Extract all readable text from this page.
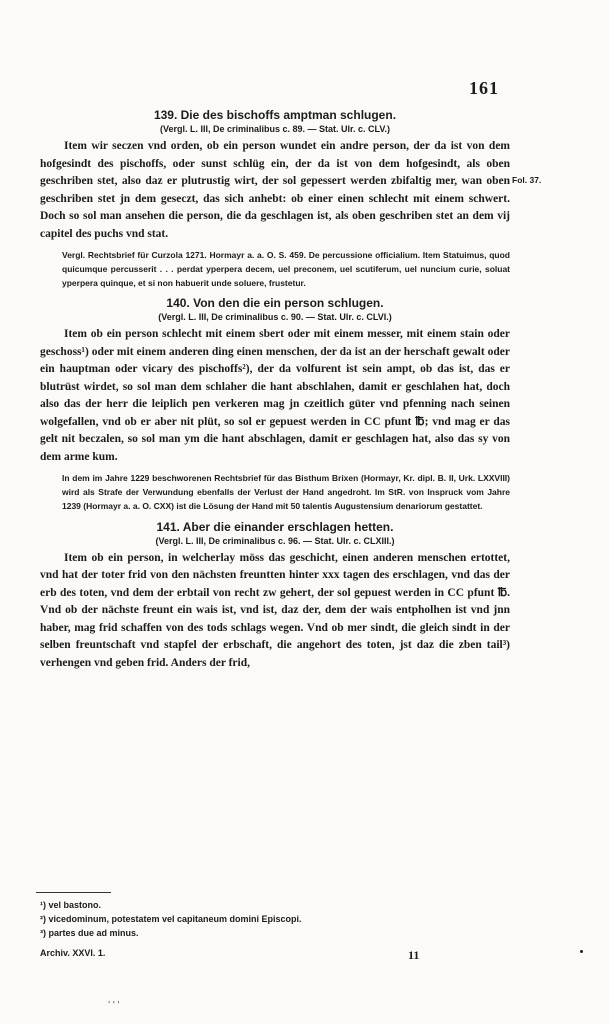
161
Fol. 37.
139. Die des bischoffs amptman schlugen.
(Vergl. L. III, De criminalibus c. 89. — Stat. Ulr. c. CLV.)

Item wir seczen vnd orden, ob ein person wundet ein andre person, der da ist von dem hofgesindt des pischoffs, oder sunst schlüg ein, der da ist von dem hofgesindt, als oben geschriben stet, also daz er plutrustig wirt, der sol gepessert werden zbifaltig mer, wan oben geschriben stet jn dem geseczt, das sich anhebt: ob einer einen schlecht mit einem schwert. Doch so sol man ansehen die person, die da geschlagen ist, als oben geschriben stet an dem vij capitel des puchs vnd stat.

Vergl. Rechtsbrief für Curzola 1271. Hormayr a. a. O. S. 459. De percussione officialium. Item Statuimus, quod quicumque percusserit . . . perdat yperpera decem, uel preconem, uel scutiferum, uel nuncium curie, soluat yperpera quinque, et si non habuerit unde soluere, frustetur.

140. Von den die ein person schlugen.
(Vergl. L. III, De criminalibus c. 90. — Stat. Ulr. c. CLVI.)

Item ob ein person schlecht mit einem sbert oder mit einem messer, mit einem stain oder geschoss¹) oder mit einem anderen ding einen menschen, der da ist an der herschaft gewalt oder ein hauptman oder vicary des pischoffs²), der da volfurent ist sein ampt, ob das ist, das er blutrüst wirdet, so sol man dem schlaher die hant abschlahen, damit er geschlahen hat, doch also das der herr die leiplich pen verkeren mag jn czeitlich güter vnd pfenning nach seinen wolgefallen, vnd ob er aber nit plüt, so sol er gepuest werden in CC pfunt ℔; vnd mag er das gelt nit beczalen, so sol man ym die hant abschlagen, damit er geschlagen hat, also das sy von dem arme kum.

In dem im Jahre 1229 beschworenen Rechtsbrief für das Bisthum Brixen (Hormayr, Kr. dipl. B. II, Urk. LXXVIII) wird als Strafe der Verwundung ebenfalls der Verlust der Hand angedroht. Im StR. von Inspruck vom Jahre 1239 (Hormayr a. a. O. CXX) ist die Lösung der Hand mit 50 talentis Augustensium denariorum gestattet.

141. Aber die einander erschlagen hetten.
(Vergl. L. III, De criminalibus c. 96. — Stat. Ulr. c. CLXIII.)

Item ob ein person, in welcherlay möss das geschicht, einen anderen menschen ertottet, vnd hat der toter frid von den nächsten freuntten hinter xxx tagen des erschlagen, vnd das der erb des toten, vnd dem der erbtail von recht zw gehert, der sol gepuest werden in CC pfunt ℔. Vnd ob der nächste freunt ein wais ist, vnd ist, daz der, dem der wais entpholhen ist vnd jnn haber, mag frid schaffen von des tods schlags wegen. Vnd ob mer sindt, die gleich sindt in der selben freuntschaft vnd stapfel der erbschaft, die angehort des toten, jst daz die zben tail³) verhengen vnd geben frid. Anders der frid,

¹) vel bastono.
²) vicedominum, potestatem vel capitaneum domini Episcopi.
³) partes due ad minus.
Archiv. XXVI. 1.	11
' ' '
